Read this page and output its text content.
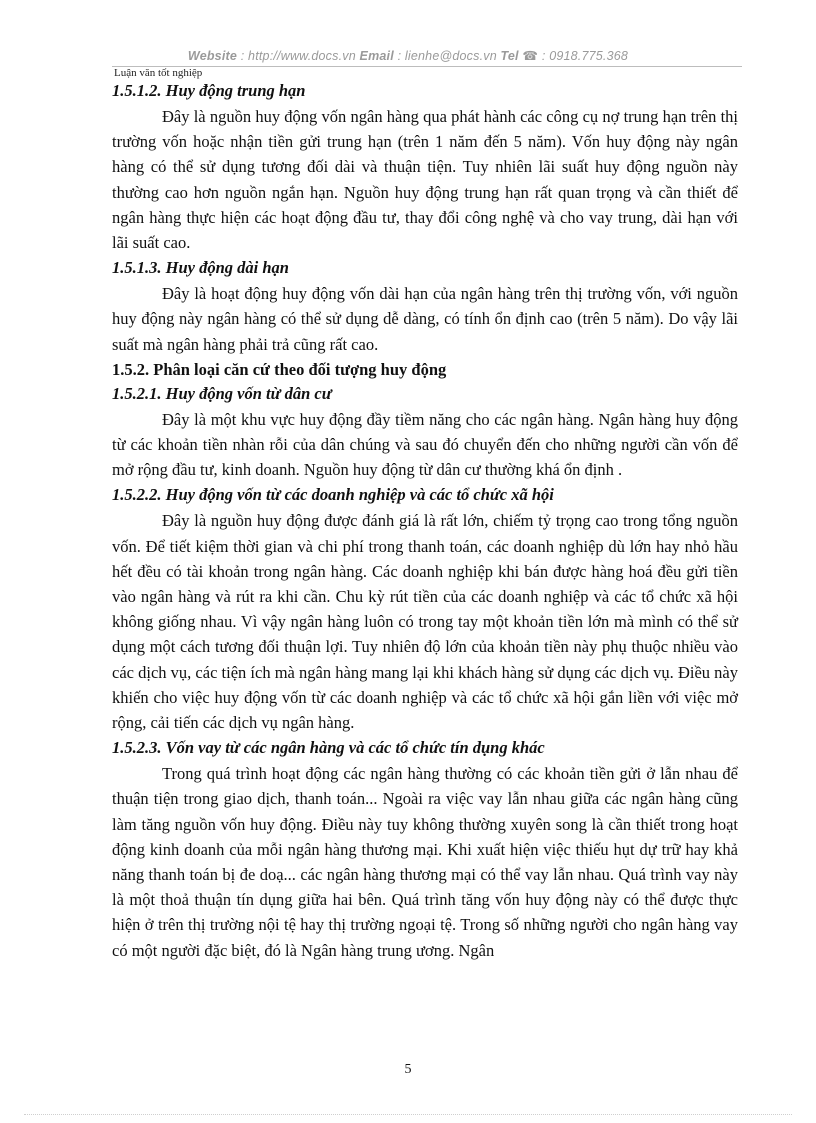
Website : http://www.docs.vn Email : lienhe@docs.vn Tel ☎ : 0918.775.368
Luận văn tốt nghiệp
1.5.1.2. Huy động trung hạn

Đây là nguồn huy động vốn ngân hàng qua phát hành các công cụ nợ trung hạn trên thị trường vốn hoặc nhận tiền gửi trung hạn (trên 1 năm đến 5 năm). Vốn huy động này ngân hàng có thể sử dụng tương đối dài và thuận tiện. Tuy nhiên lãi suất huy động nguồn này thường cao hơn nguồn ngắn hạn. Nguồn huy động trung hạn rất quan trọng và cần thiết để ngân hàng thực hiện các hoạt động đầu tư, thay đổi công nghệ và cho vay trung, dài hạn với lãi suất cao.

1.5.1.3. Huy động dài hạn

Đây là hoạt động huy động vốn dài hạn của ngân hàng trên thị trường vốn, với nguồn huy động này ngân hàng có thể sử dụng dễ dàng, có tính ổn định cao (trên 5 năm). Do vậy lãi suất mà ngân hàng phải trả cũng rất cao.

1.5.2. Phân loại căn cứ theo đối tượng huy động
1.5.2.1. Huy động vốn từ dân cư

Đây là một khu vực huy động đầy tiềm năng cho các ngân hàng. Ngân hàng huy động từ các khoản tiền nhàn rỗi của dân chúng và sau đó chuyển đến cho những người cần vốn để mở rộng đầu tư, kinh doanh. Nguồn huy động từ dân cư thường khá ổn định .

1.5.2.2. Huy động vốn từ các doanh nghiệp và các tổ chức xã hội

Đây là nguồn huy động được đánh giá là rất lớn, chiếm tỷ trọng cao trong tổng nguồn vốn. Để tiết kiệm thời gian và chi phí trong thanh toán, các doanh nghiệp dù lớn hay nhỏ hầu hết đều có tài khoản trong ngân hàng. Các doanh nghiệp khi bán được hàng hoá đều gửi tiền vào ngân hàng và rút ra khi cần. Chu kỳ rút tiền của các doanh nghiệp và các tổ chức xã hội không giống nhau. Vì vậy ngân hàng luôn có trong tay một khoản tiền lớn mà mình có thể sử dụng một cách tương đối thuận lợi. Tuy nhiên độ lớn của khoản tiền này phụ thuộc nhiều vào các dịch vụ, các tiện ích mà ngân hàng mang lại khi khách hàng sử dụng các dịch vụ. Điều này khiến cho việc huy động vốn từ các doanh nghiệp và các tổ chức xã hội gắn liền với việc mở rộng, cải tiến các dịch vụ ngân hàng.

1.5.2.3. Vốn vay từ các ngân hàng và các tổ chức tín dụng khác

Trong quá trình hoạt động các ngân hàng thường có các khoản tiền gửi ở lẫn nhau để thuận tiện trong giao dịch, thanh toán... Ngoài ra việc vay lẫn nhau giữa các ngân hàng cũng làm tăng nguồn vốn huy động. Điều này tuy không thường xuyên song là cần thiết trong hoạt động kinh doanh của mỗi ngân hàng thương mại. Khi xuất hiện việc thiếu hụt dự trữ hay khả năng thanh toán bị đe doạ... các ngân hàng thương mại có thể vay lẫn nhau. Quá trình vay này là một thoả thuận tín dụng giữa hai bên. Quá trình tăng vốn huy động này có thể được thực hiện ở trên thị trường nội tệ hay thị trường ngoại tệ. Trong số những người cho ngân hàng vay có một người đặc biệt, đó là Ngân hàng trung ương. Ngân

5
